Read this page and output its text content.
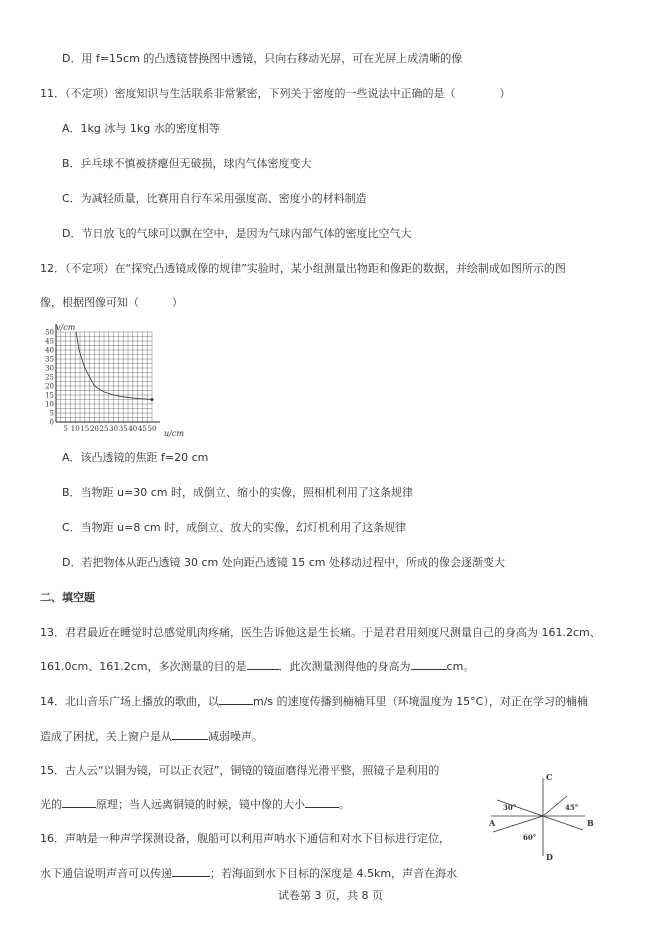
D．用 f=15cm 的凸透镜替换图中透镜，只向右移动光屏，可在光屏上成清晰的像
11．（不定项）密度知识与生活联系非常紧密，下列关于密度的一些说法中正确的是（　　　　）
A．1kg 冰与 1kg 水的密度相等
B．乒乓球不慎被挤瘪但无破损，球内气体密度变大
C．为减轻质量，比赛用自行车采用强度高、密度小的材料制造
D．节日放飞的气球可以飘在空中，是因为气球内部气体的密度比空气大
12．（不定项）在“探究凸透镜成像的规律”实验时，某小组测量出物距和像距的数据，并绘制成如图所示的图
像，根据图像可知（　　　）
v/cm
u/cm
50
45
40
35
30
25
20
15
10
5
0
5 10 15 20 25 30 35 40 45 50
A．该凸透镜的焦距 f=20 cm
B．当物距 u=30 cm 时，成倒立、缩小的实像，照相机利用了这条规律
C．当物距 u=8 cm 时，成倒立、放大的实像，幻灯机利用了这条规律
D．若把物体从距凸透镜 30 cm 处向距凸透镜 15 cm 处移动过程中，所成的像会逐渐变大
二、填空题
13．君君最近在睡觉时总感觉肌肉疼痛，医生告诉他这是生长痛。于是君君用刻度尺测量自己的身高为 161.2cm、
161.0cm、161.2cm，多次测量的目的是	．此次测量测得他的身高为	cm。
14．北山音乐广场上播放的歌曲，以	m/s 的速度传播到楠楠耳里（环境温度为 15°C），对正在学习的楠楠
造成了困扰，关上窗户是从	减弱噪声。
15．古人云“以铜为镜，可以正衣冠”，铜镜的镜面磨得光滑平整，照镜子是利用的
光的	原理；当人远离铜镜的时候，镜中像的大小	。
16．声呐是一种声学探测设备，舰船可以利用声呐水下通信和对水下目标进行定位，
水下通信说明声音可以传递	；若海面到水下目标的深度是 4.5km，声音在海水
C
D
A	B
30°	45°
60°
试卷第 3 页，共 8 页
